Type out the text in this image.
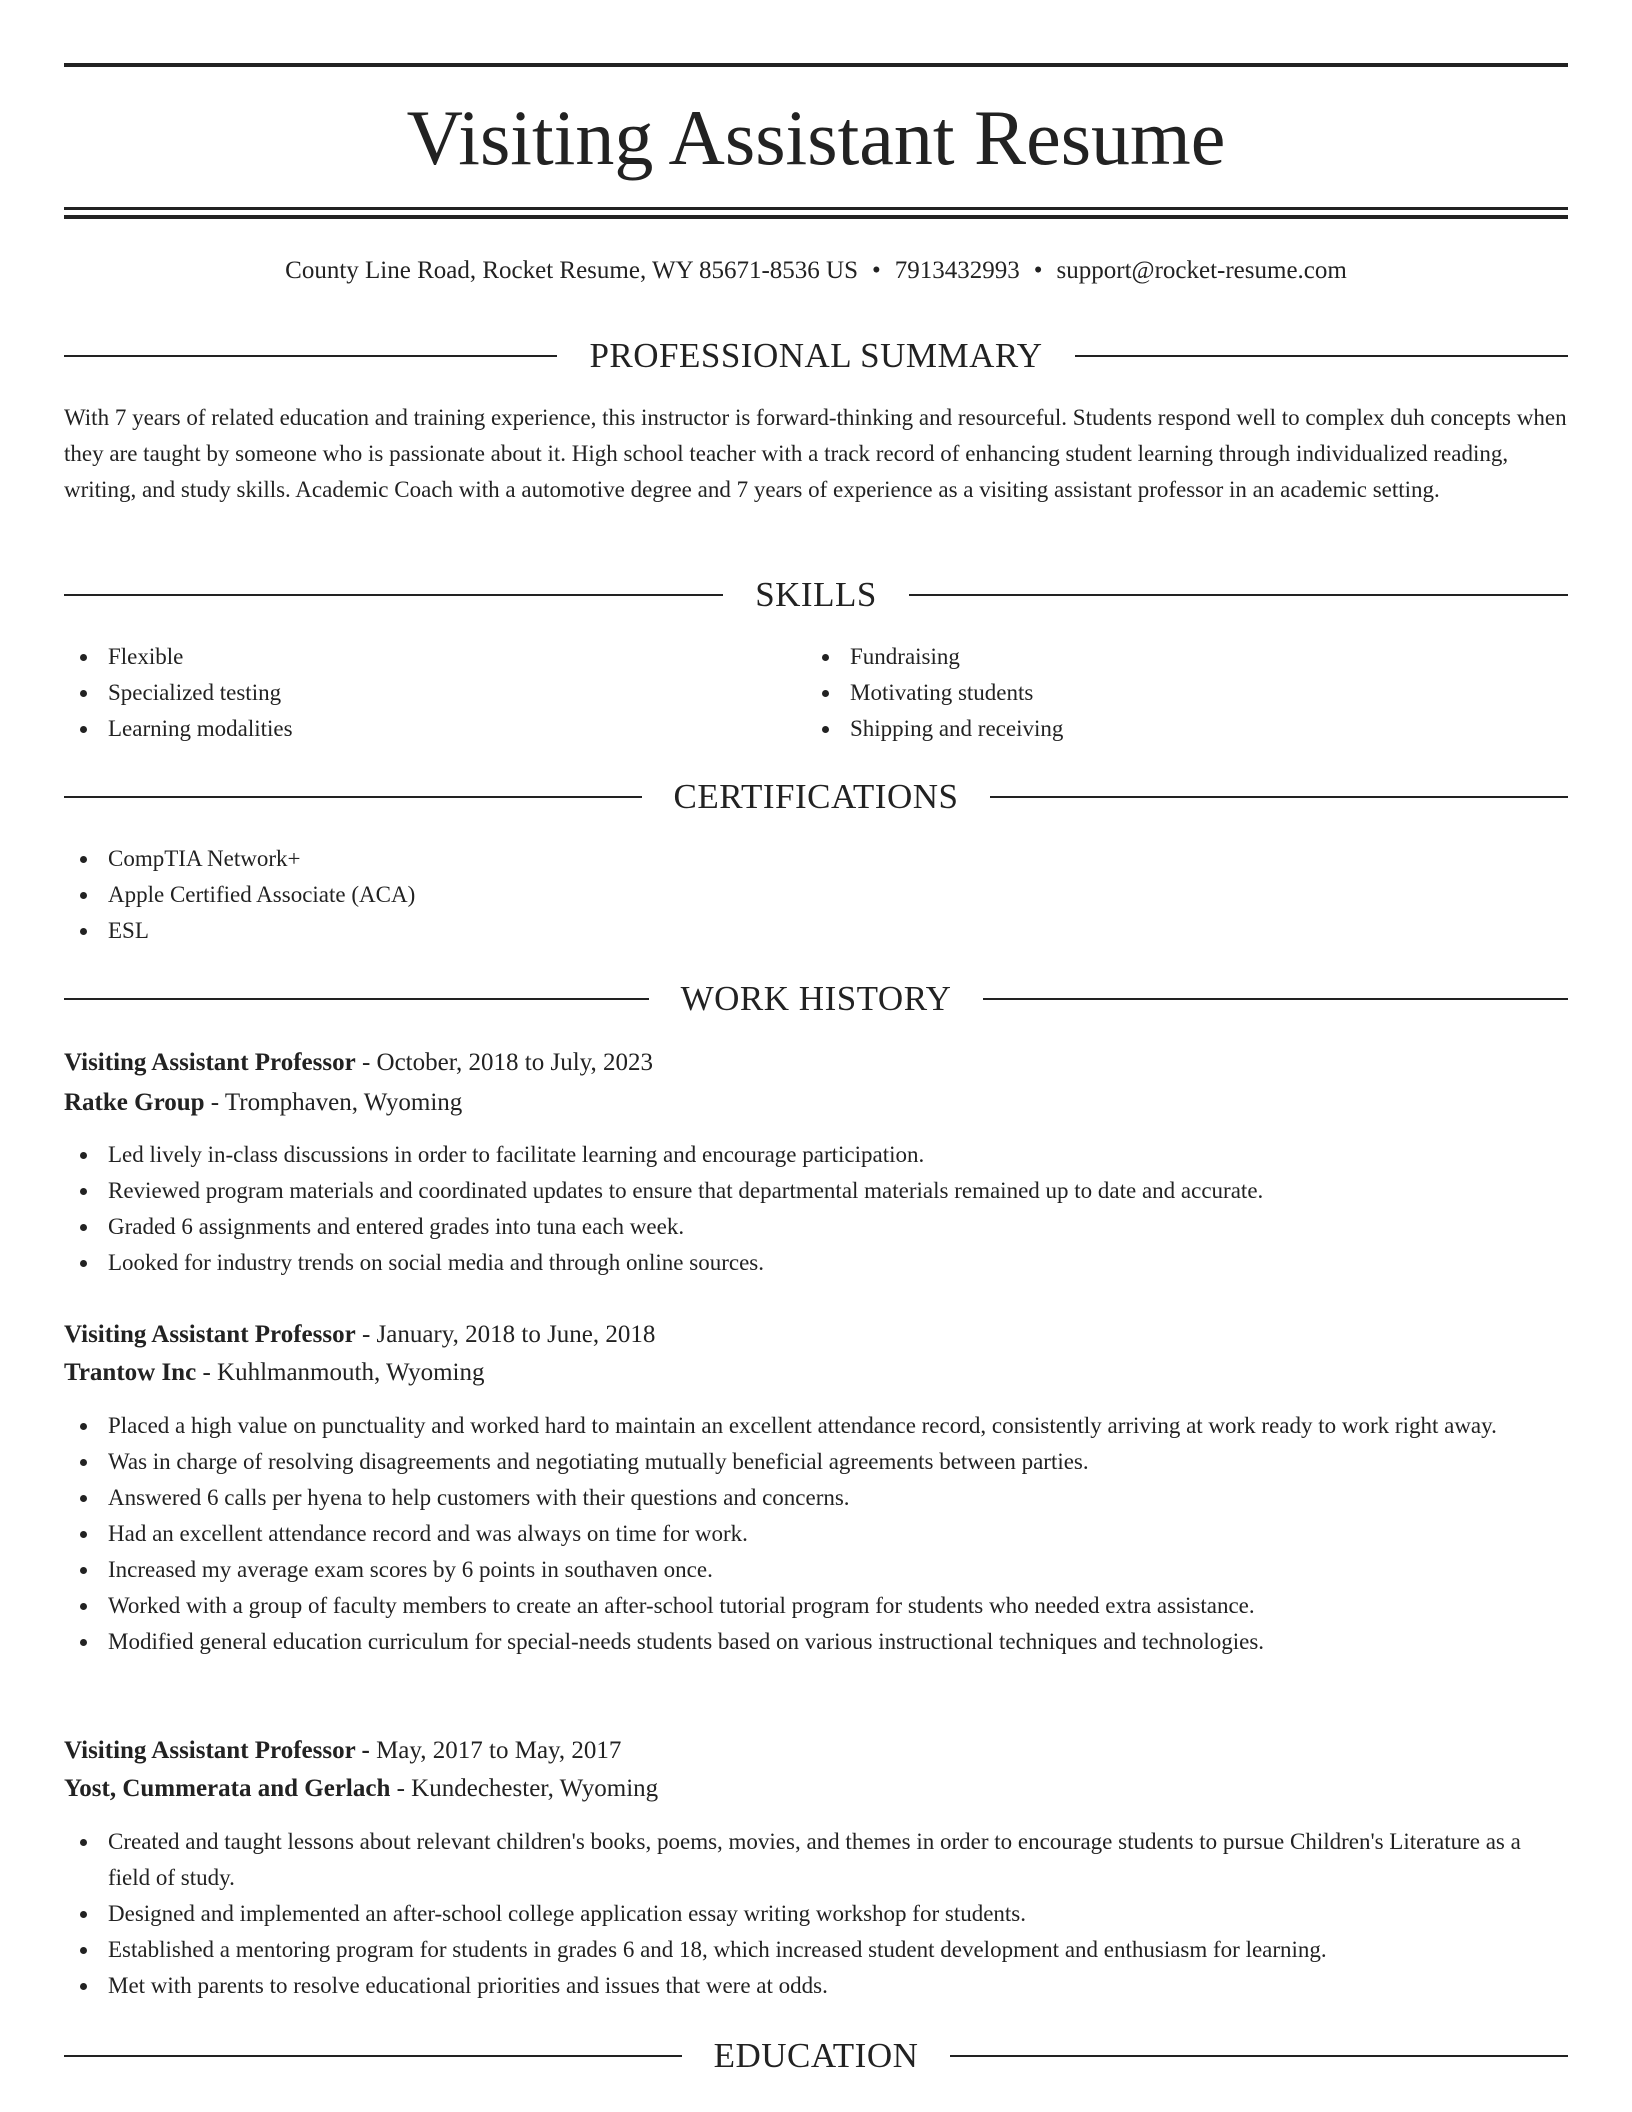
Visiting Assistant Resume
County Line Road, Rocket Resume, WY 85671-8536 US • 7913432993 • support@rocket-resume.com
PROFESSIONAL SUMMARY

With 7 years of related education and training experience, this instructor is forward-thinking and resourceful. Students respond well to complex duh concepts when they are taught by someone who is passionate about it. High school teacher with a track record of enhancing student learning through individualized reading, writing, and study skills. Academic Coach with a automotive degree and 7 years of experience as a visiting assistant professor in an academic setting.

SKILLS
Flexible
Specialized testing
Learning modalities
Fundraising
Motivating students
Shipping and receiving
CERTIFICATIONS
CompTIA Network+
Apple Certified Associate (ACA)
ESL
WORK HISTORY
Visiting Assistant Professor - October, 2018 to July, 2023
Ratke Group - Tromphaven, Wyoming
Led lively in-class discussions in order to facilitate learning and encourage participation.
Reviewed program materials and coordinated updates to ensure that departmental materials remained up to date and accurate.
Graded 6 assignments and entered grades into tuna each week.
Looked for industry trends on social media and through online sources.
Visiting Assistant Professor - January, 2018 to June, 2018
Trantow Inc - Kuhlmanmouth, Wyoming
Placed a high value on punctuality and worked hard to maintain an excellent attendance record, consistently arriving at work ready to work right away.
Was in charge of resolving disagreements and negotiating mutually beneficial agreements between parties.
Answered 6 calls per hyena to help customers with their questions and concerns.
Had an excellent attendance record and was always on time for work.
Increased my average exam scores by 6 points in southaven once.
Worked with a group of faculty members to create an after-school tutorial program for students who needed extra assistance.
Modified general education curriculum for special-needs students based on various instructional techniques and technologies.
Visiting Assistant Professor - May, 2017 to May, 2017
Yost, Cummerata and Gerlach - Kundechester, Wyoming
Created and taught lessons about relevant children's books, poems, movies, and themes in order to encourage students to pursue Children's Literature as a field of study.
Designed and implemented an after-school college application essay writing workshop for students.
Established a mentoring program for students in grades 6 and 18, which increased student development and enthusiasm for learning.
Met with parents to resolve educational priorities and issues that were at odds.
EDUCATION
